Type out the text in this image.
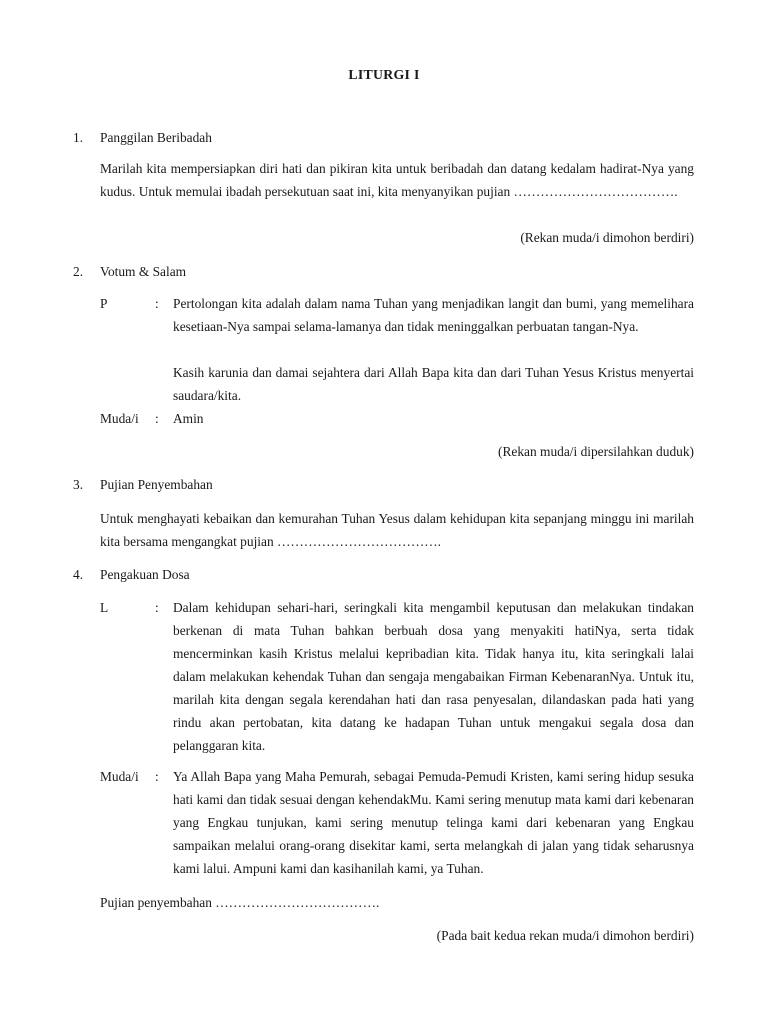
LITURGI I
1.	Panggilan Beribadah

Marilah kita mempersiapkan diri hati dan pikiran kita untuk beribadah dan datang kedalam hadirat-Nya yang kudus. Untuk memulai ibadah persekutuan saat ini, kita menyanyikan pujian ……………………………….

(Rekan muda/i dimohon berdiri)
2.	Votum & Salam
P	:	Pertolongan kita adalah dalam nama Tuhan yang menjadikan langit dan bumi, yang memelihara kesetiaan-Nya sampai selama-lamanya dan tidak meninggalkan perbuatan tangan-Nya.

Kasih karunia dan damai sejahtera dari Allah Bapa kita dan dari Tuhan Yesus Kristus menyertai saudara/kita.

Muda/i	:	Amin
(Rekan muda/i dipersilahkan duduk)
3.	Pujian Penyembahan

Untuk menghayati kebaikan dan kemurahan Tuhan Yesus dalam kehidupan kita sepanjang minggu ini marilah kita bersama mengangkat pujian ……………………………….

4.	Pengakuan Dosa
L	:	Dalam kehidupan sehari-hari, seringkali kita mengambil keputusan dan melakukan tindakan berkenan di mata Tuhan bahkan berbuah dosa yang menyakiti hatiNya, serta tidak mencerminkan kasih Kristus melalui kepribadian kita. Tidak hanya itu, kita seringkali lalai dalam melakukan kehendak Tuhan dan sengaja mengabaikan Firman KebenaranNya. Untuk itu, marilah kita dengan segala kerendahan hati dan rasa penyesalan, dilandaskan pada hati yang rindu akan pertobatan, kita datang ke hadapan Tuhan untuk mengakui segala dosa dan pelanggaran kita.

Muda/i	:	Ya Allah Bapa yang Maha Pemurah, sebagai Pemuda-Pemudi Kristen, kami sering hidup sesuka hati kami dan tidak sesuai dengan kehendakMu. Kami sering menutup mata kami dari kebenaran yang Engkau tunjukan, kami sering menutup telinga kami dari kebenaran yang Engkau sampaikan melalui orang-orang disekitar kami, serta melangkah di jalan yang tidak seharusnya kami lalui. Ampuni kami dan kasihanilah kami, ya Tuhan.

Pujian penyembahan ……………………………….
(Pada bait kedua rekan muda/i dimohon berdiri)
